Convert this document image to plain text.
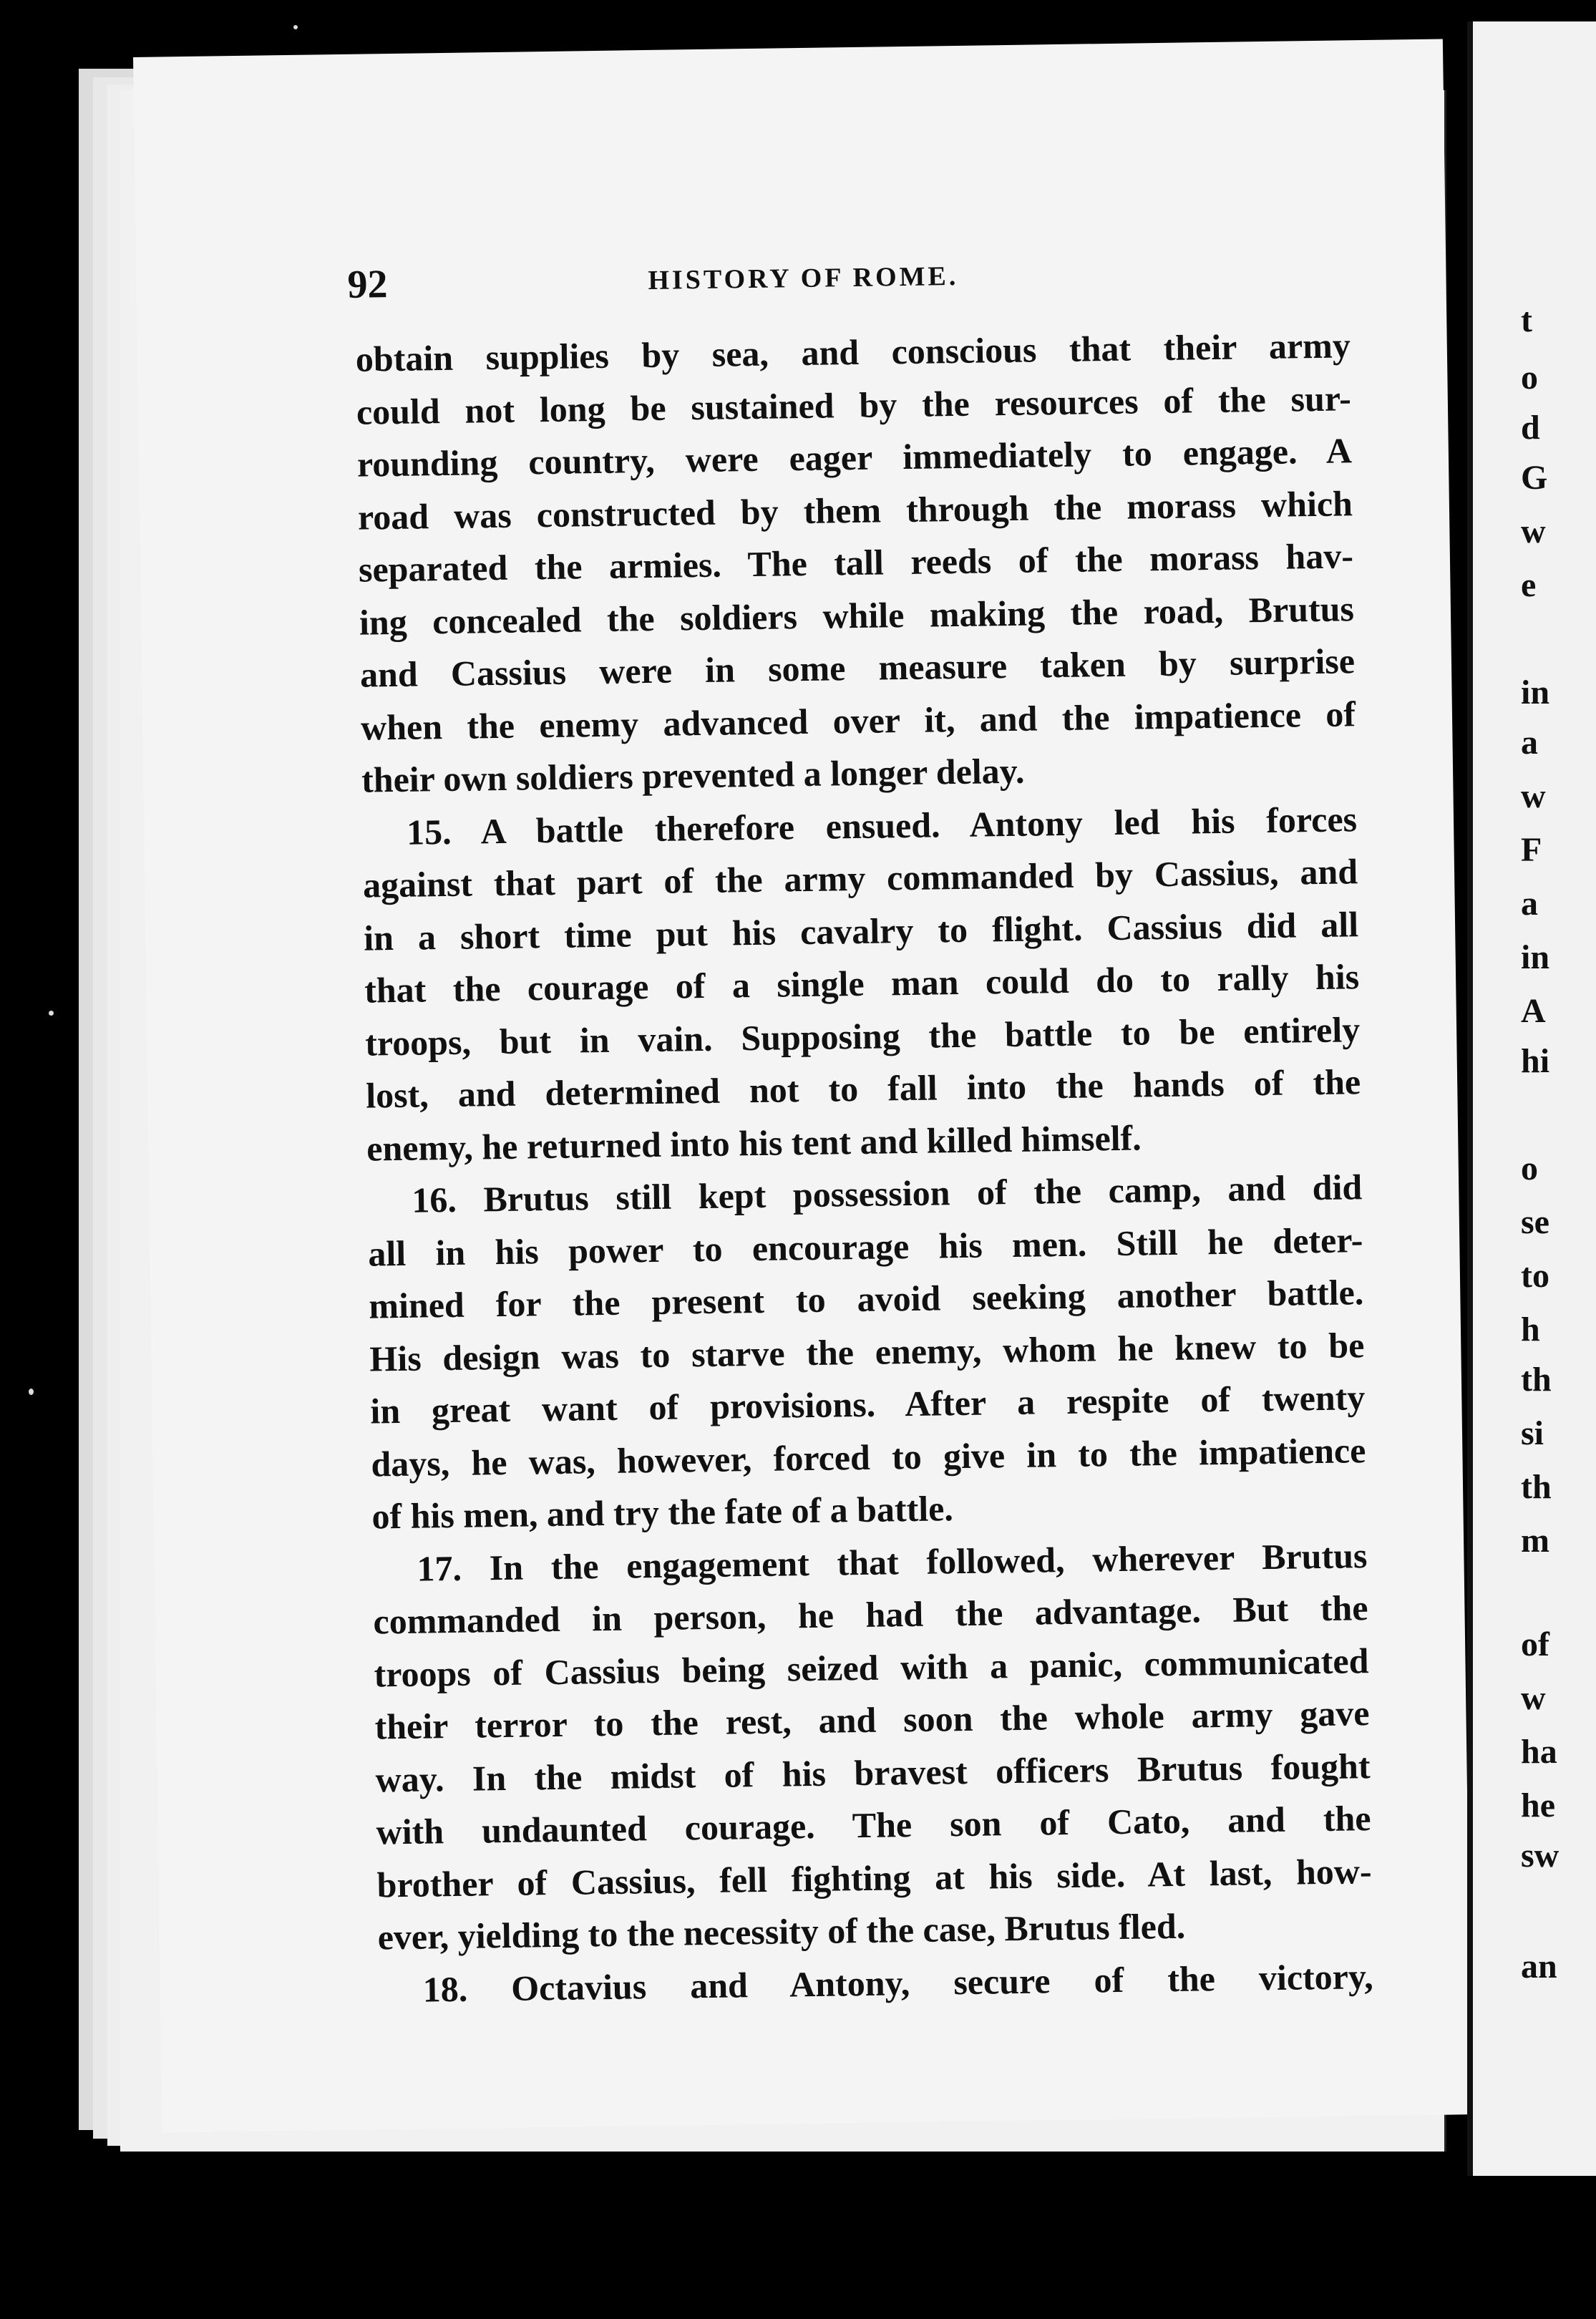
92	HISTORY OF ROME.
obtain supplies by sea, and conscious that their army
could not long be sustained by the resources of the sur-
rounding country, were eager immediately to engage. A
road was constructed by them through the morass which
separated the armies. The tall reeds of the morass hav-
ing concealed the soldiers while making the road, Brutus
and Cassius were in some measure taken by surprise
when the enemy advanced over it, and the impatience of
their own soldiers prevented a longer delay.
15. A battle therefore ensued. Antony led his forces
against that part of the army commanded by Cassius, and
in a short time put his cavalry to flight. Cassius did all
that the courage of a single man could do to rally his
troops, but in vain. Supposing the battle to be entirely
lost, and determined not to fall into the hands of the
enemy, he returned into his tent and killed himself.
16. Brutus still kept possession of the camp, and did
all in his power to encourage his men. Still he deter-
mined for the present to avoid seeking another battle.
His design was to starve the enemy, whom he knew to be
in great want of provisions. After a respite of twenty
days, he was, however, forced to give in to the impatience
of his men, and try the fate of a battle.
17. In the engagement that followed, wherever Brutus
commanded in person, he had the advantage. But the
troops of Cassius being seized with a panic, communicated
their terror to the rest, and soon the whole army gave
way. In the midst of his bravest officers Brutus fought
with undaunted courage. The son of Cato, and the
brother of Cassius, fell fighting at his side. At last, how-
ever, yielding to the necessity of the case, Brutus fled.
18. Octavius and Antony, secure of the victory,
t
o
d
G
w
e
in
a
w
F
a
in
A
hi
o
se
to
h
th
si
th
m
of
w
ha
he
sw
an
